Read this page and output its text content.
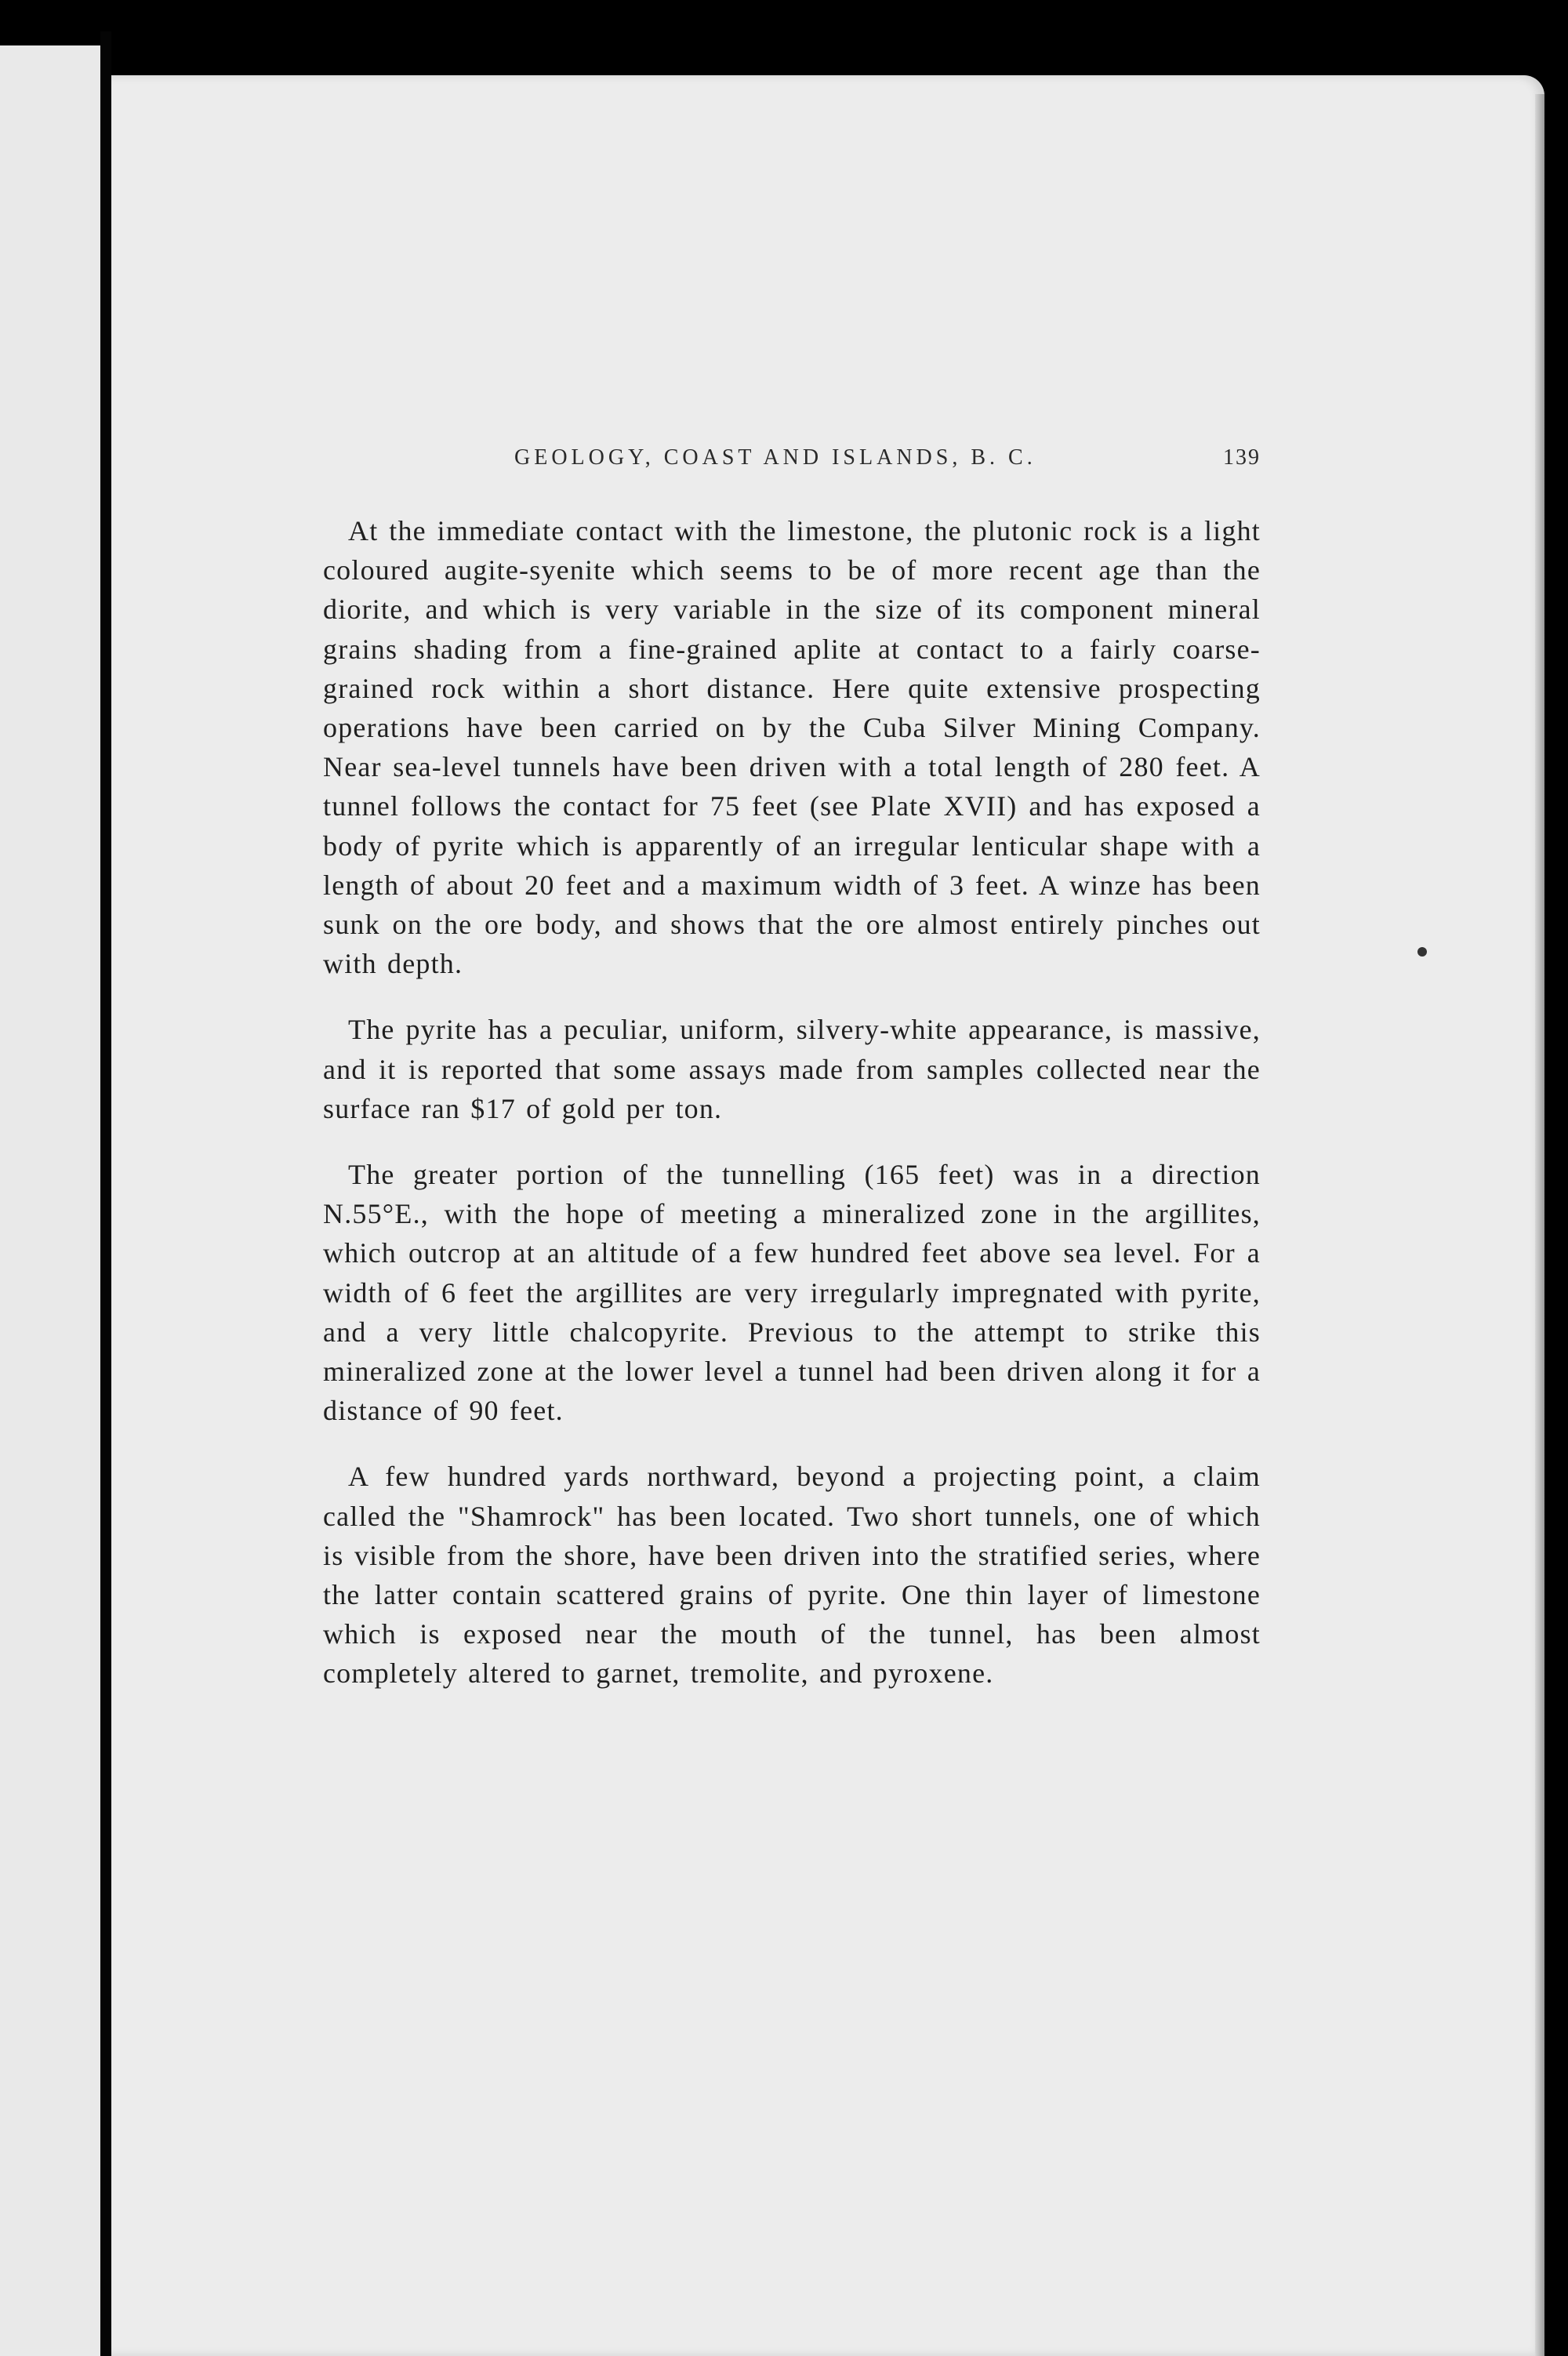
GEOLOGY, COAST AND ISLANDS, B. C.	139

At the immediate contact with the limestone, the plutonic rock is a light coloured augite-syenite which seems to be of more recent age than the diorite, and which is very variable in the size of its component mineral grains shading from a fine-grained aplite at contact to a fairly coarse-grained rock within a short distance. Here quite extensive prospecting operations have been carried on by the Cuba Silver Mining Company. Near sea-level tunnels have been driven with a total length of 280 feet. A tunnel follows the contact for 75 feet (see Plate XVII) and has exposed a body of pyrite which is apparently of an irregular lenticular shape with a length of about 20 feet and a maximum width of 3 feet. A winze has been sunk on the ore body, and shows that the ore almost entirely pinches out with depth.

The pyrite has a peculiar, uniform, silvery-white appearance, is massive, and it is reported that some assays made from samples collected near the surface ran $17 of gold per ton.

The greater portion of the tunnelling (165 feet) was in a direction N.55°E., with the hope of meeting a mineralized zone in the argillites, which outcrop at an altitude of a few hundred feet above sea level. For a width of 6 feet the argillites are very irregularly impregnated with pyrite, and a very little chalcopyrite. Previous to the attempt to strike this mineralized zone at the lower level a tunnel had been driven along it for a distance of 90 feet.

A few hundred yards northward, beyond a projecting point, a claim called the "Shamrock" has been located. Two short tunnels, one of which is visible from the shore, have been driven into the stratified series, where the latter contain scattered grains of pyrite. One thin layer of limestone which is exposed near the mouth of the tunnel, has been almost completely altered to garnet, tremolite, and pyroxene.
